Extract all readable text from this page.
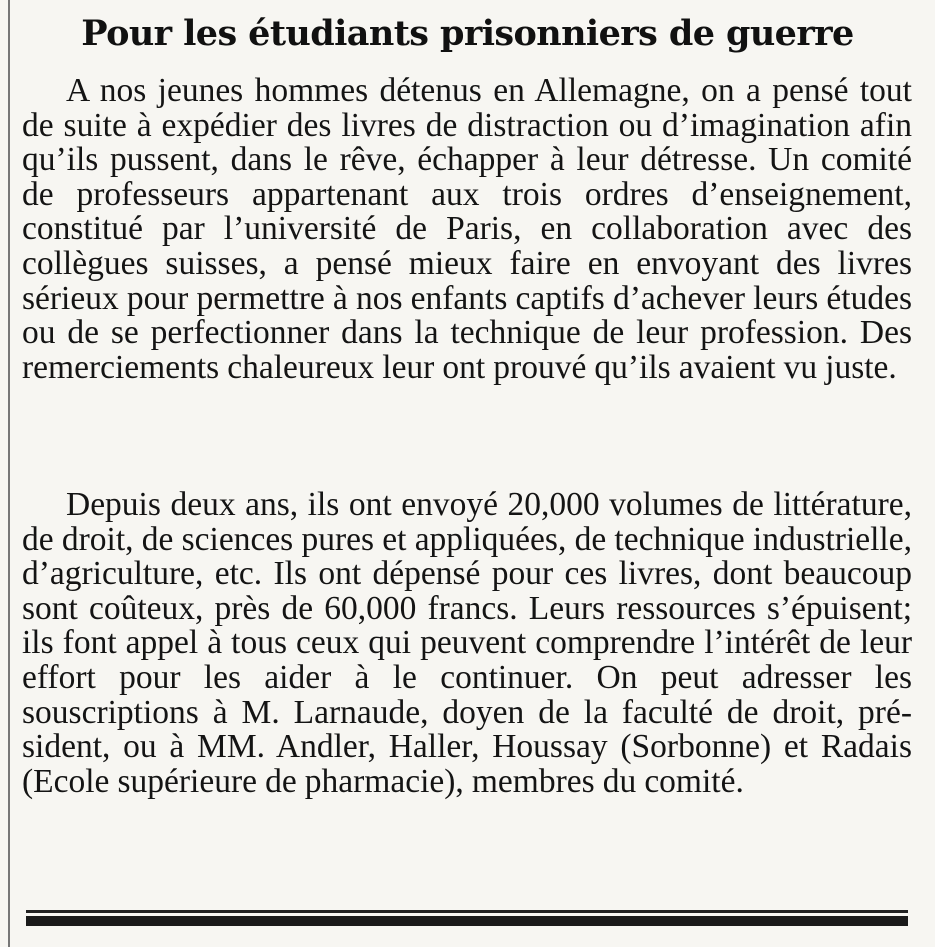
Pour les étudiants prisonniers de guerre

A nos jeunes hommes détenus en Allemagne, on a pensé tout de suite à expédier des livres de distraction ou d’imagination afin qu’ils pussent, dans le rêve, échapper à leur détresse. Un comité de professeurs appartenant aux trois ordres d’enseignement, constitué par l’université de Paris, en collaboration avec des collègues suisses, a pensé mieux faire en envoyant des livres sérieux pour permettre à nos enfants captifs d’achever leurs études ou de se perfectionner dans la technique de leur profession. Des remerciements chaleureux leur ont prouvé qu’ils avaient vu juste.

Depuis deux ans, ils ont envoyé 20,000 volumes de littérature, de droit, de sciences pures et appliquées, de technique industrielle, d’agriculture, etc. Ils ont dépensé pour ces livres, dont beaucoup sont coûteux, près de 60,000 francs. Leurs ressources s’épuisent; ils font appel à tous ceux qui peuvent comprendre l’intérêt de leur effort pour les aider à le continuer. On peut adresser les souscriptions à M. Larnaude, doyen de la faculté de droit, président, ou à MM. Andler, Haller, Houssay (Sorbonne) et Radais (Ecole supérieure de pharmacie), membres du comité.
